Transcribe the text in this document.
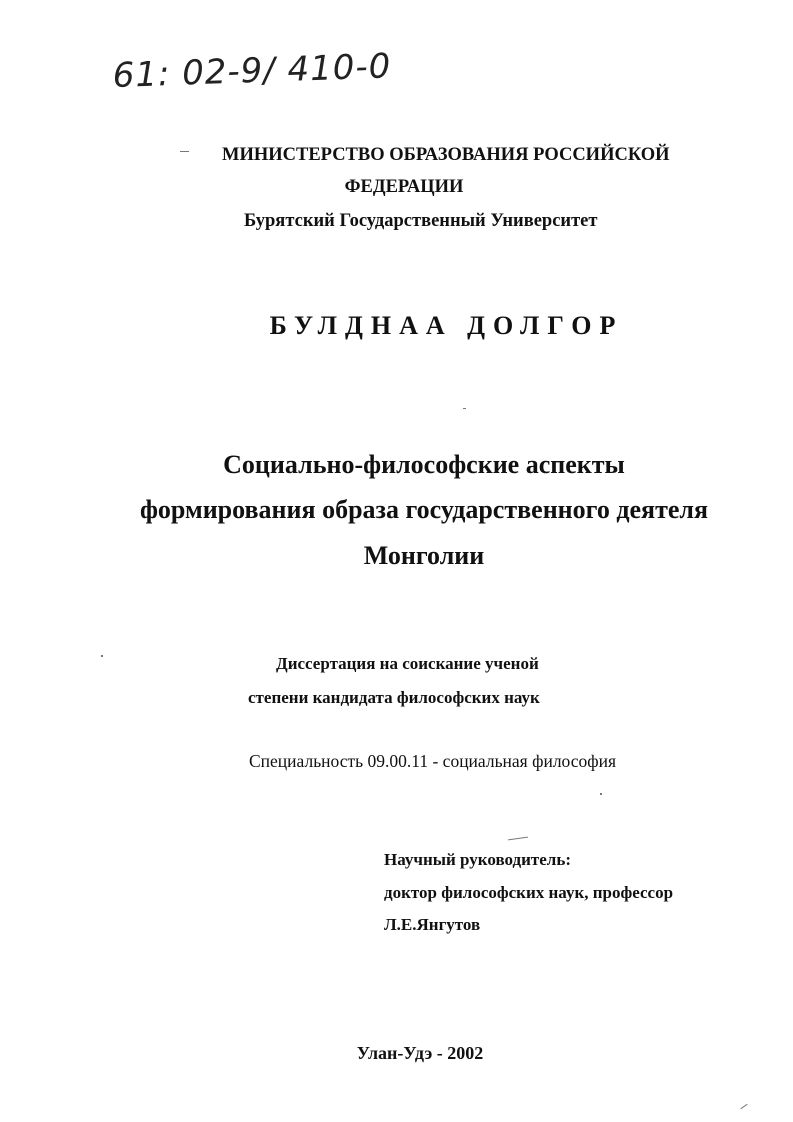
61: 02-9/ 410-0
МИНИСТЕРСТВО ОБРАЗОВАНИЯ РОССИЙСКОЙ
ФЕДЕРАЦИИ
Бурятский Государственный Университет
БУЛДНАА ДОЛГОР
Социально-философские аспекты
формирования образа государственного деятеля
Монголии
Диссертация на соискание ученой
степени кандидата философских наук
Специальность 09.00.11 - социальная философия
Научный руководитель:
доктор философских наук, профессор
Л.Е.Янгутов
Улан-Удэ - 2002
